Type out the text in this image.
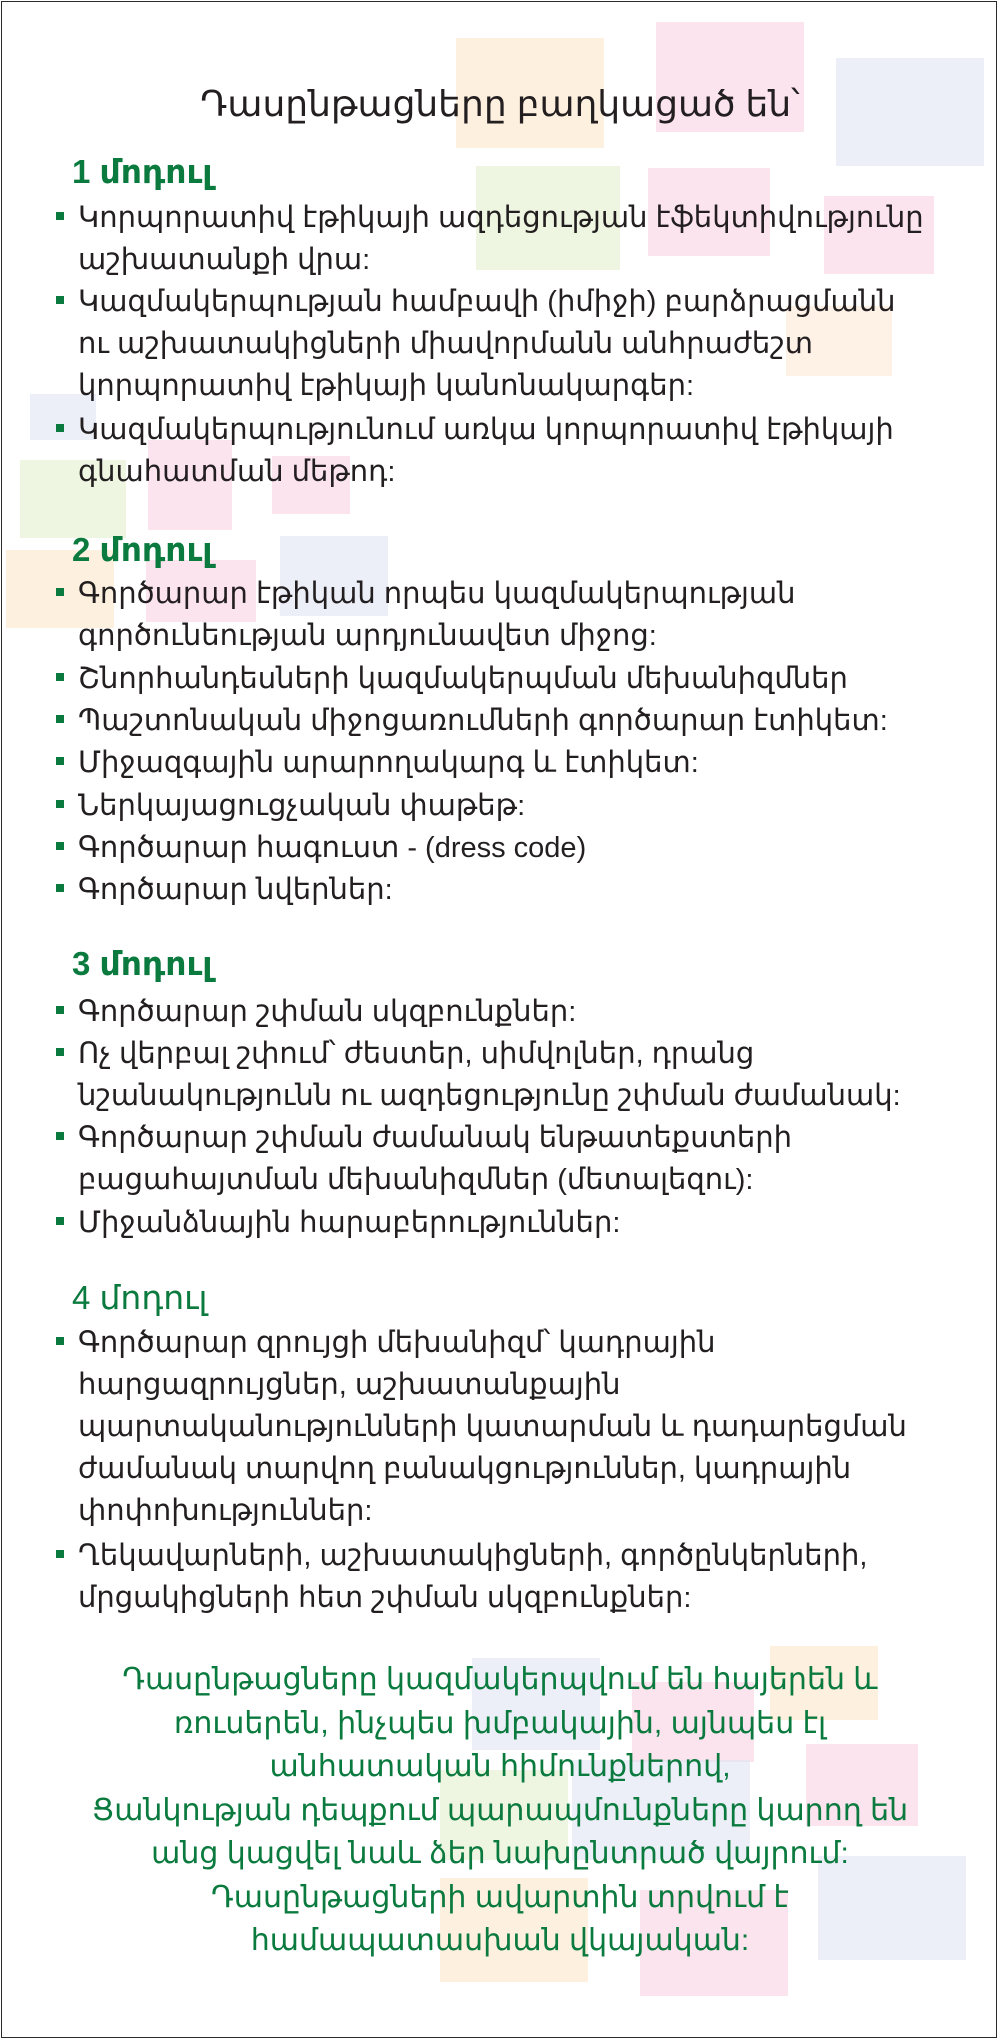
Դասընթացները բաղկացած են՝
1 մոդուլ
Կորպորատիվ էթիկայի ազդեցության էֆեկտիվությունը
աշխատանքի վրա:
Կազմակերպության համբավի (իմիջի) բարձրացմանն
ու աշխատակիցների միավորմանն անհրաժեշտ
կորպորատիվ էթիկայի կանոնակարգեր:
Կազմակերպությունում առկա կորպորատիվ էթիկայի
գնահատման մեթոդ:
2 մոդուլ
Գործարար էթիկան որպես կազմակերպության
գործունեության արդյունավետ միջոց:
Շնորհանդեսների կազմակերպման մեխանիզմներ
Պաշտոնական միջոցառումների գործարար էտիկետ:
Միջազգային արարողակարգ և էտիկետ:
Ներկայացուցչական փաթեթ:
Գործարար հագուստ - (dress code)
Գործարար նվերներ:
3 մոդուլ
Գործարար շփման սկզբունքներ:
Ոչ վերբալ շփում՝ ժեստեր, սիմվոլներ, դրանց
նշանակությունն ու ազդեցությունը շփման ժամանակ:
Գործարար շփման ժամանակ ենթատեքստերի
բացահայտման մեխանիզմներ (մետալեզու):
Միջանձնային հարաբերություններ:
4 մոդուլ
Գործարար զրույցի մեխանիզմ՝ կադրային
հարցազրույցներ, աշխատանքային
պարտականությունների կատարման և դադարեցման
ժամանակ տարվող բանակցություններ, կադրային
փոփոխություններ:
Ղեկավարների, աշխատակիցների, գործընկերների,
մրցակիցների հետ շփման սկզբունքներ:
Դասընթացները կազմակերպվում են հայերեն և
ռուսերեն, ինչպես խմբակային, այնպես էլ
անհատական հիմունքներով,
Ցանկության դեպքում պարապմունքները կարող են
անց կացվել նաև ձեր նախընտրած վայրում:
Դասընթացների ավարտին տրվում է
համապատասխան վկայական:
